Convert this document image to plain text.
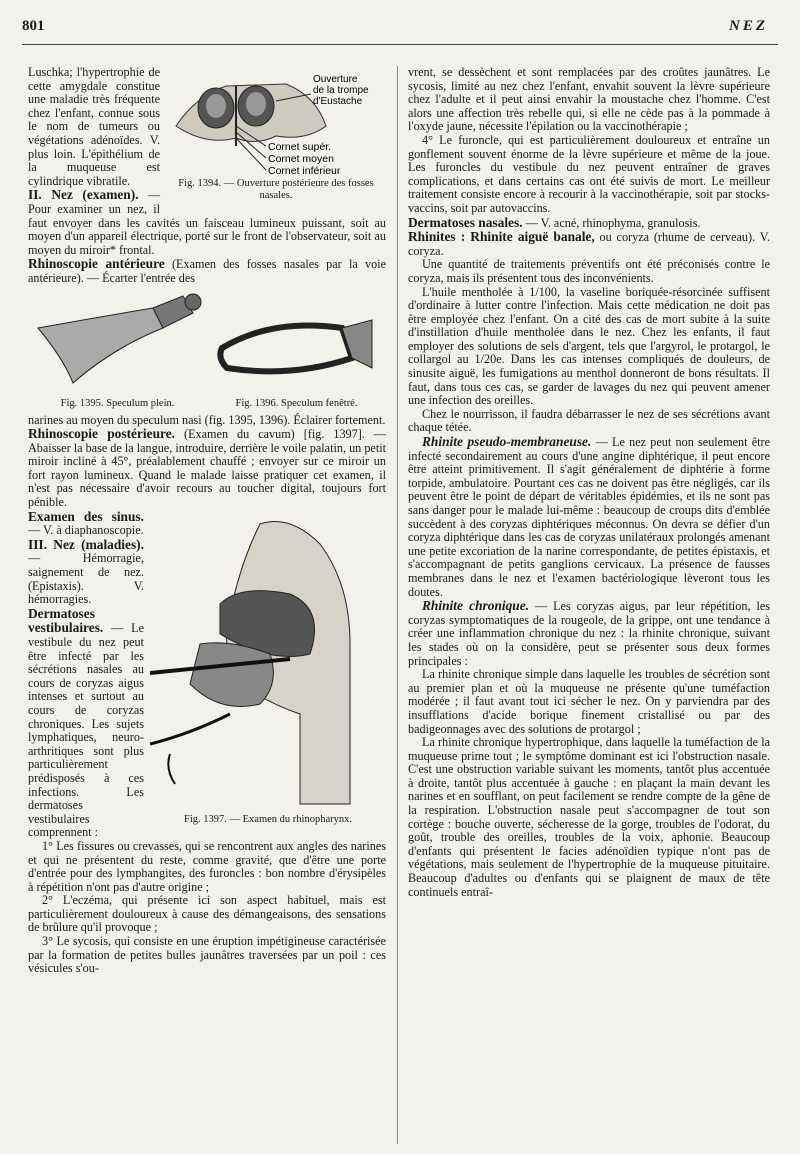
801	NEZ
Ouverture
de la trompe
d'Eustache
Cornet supér.
Cornet moyen
Cornet inférieur
Fig. 1394. — Ouverture postérieure des fosses nasales.

Luschka; l'hypertrophie de cette amygdale constitue une maladie très fréquente chez l'enfant, connue sous le nom de tumeurs ou végétations adénoïdes. V. plus loin. L'épithélium de la muqueuse est cylindrique vibratile.

II. Nez (examen). — Pour examiner un nez, il faut envoyer dans les cavités un faisceau lumineux puissant, soit au moyen d'un appareil électrique, porté sur le front de l'observateur, soit au moyen du miroir* frontal.

Rhinoscopie antérieure (Examen des fosses nasales par la voie antérieure). — Écarter l'entrée des

Fig. 1395. Speculum plein.	Fig. 1396. Speculum fenêtré.

narines au moyen du speculum nasi (fig. 1395, 1396). Éclairer fortement.

Rhinoscopie postérieure. (Examen du cavum) [fig. 1397]. — Abaisser la base de la langue, introduire, derrière le voile palatin, un petit miroir incliné à 45°, préalablement chauffé ; envoyer sur ce miroir un fort rayon lumineux. Quand le malade laisse pratiquer cet examen, il n'est pas nécessaire d'avoir recours au toucher digital, toujours fort pénible.

Fig. 1397. — Examen du rhinopharynx.

Examen des sinus. — V. à diaphanoscopie.

III. Nez (maladies). — Hémorragie, saignement de nez. (Epistaxis). V. hémorragies.

Dermatoses vestibulaires. — Le vestibule du nez peut être infecté par les sécrétions nasales au cours de coryzas aigus intenses et surtout au cours de coryzas chroniques. Les sujets lymphatiques, neuro-arthritiques sont plus particulièrement prédisposés à ces infections. Les dermatoses vestibulaires comprennent :

1° Les fissures ou crevasses, qui se rencontrent aux angles des narines et qui ne présentent du reste, comme gravité, que d'être une porte d'entrée pour des lymphangites, des furoncles : bon nombre d'érysipèles à répétition n'ont pas d'autre origine ;

2° L'eczéma, qui présente ici son aspect habituel, mais est particulièrement douloureux à cause des démangeaisons, des sensations de brûlure qu'il provoque ;

3° Le sycosis, qui consiste en une éruption impétigineuse caractérisée par la formation de petites bulles jaunâtres traversées par un poil : ces vésicules s'ou-

vrent, se dessèchent et sont remplacées par des croûtes jaunâtres. Le sycosis, limité au nez chez l'enfant, envahit souvent la lèvre supérieure chez l'adulte et il peut ainsi envahir la moustache chez l'homme. C'est alors une affection très rebelle qui, si elle ne cède pas à la pommade à l'oxyde jaune, nécessite l'épilation ou la vaccinothérapie ;

4° Le furoncle, qui est particulièrement douloureux et entraîne un gonflement souvent énorme de la lèvre supérieure et même de la joue. Les furoncles du vestibule du nez peuvent entraîner de graves complications, et dans certains cas ont été suivis de mort. Le meilleur traitement consiste encore à recourir à la vaccinothérapie, soit par stocks-vaccins, soit par autovaccins.

Dermatoses nasales. — V. acné, rhinophyma, granulosis.

Rhinites : Rhinite aiguë banale, ou coryza (rhume de cerveau). V. coryza.

Une quantité de traitements préventifs ont été préconisés contre le coryza, mais ils présentent tous des inconvénients.

L'huile mentholée à 1/100, la vaseline boriquée-résorcinée suffisent d'ordinaire à lutter contre l'infection. Mais cette médication ne doit pas être employée chez l'enfant. On a cité des cas de mort subite à la suite d'instillation d'huile mentholée dans le nez. Chez les enfants, il faut employer des solutions de sels d'argent, tels que l'argyrol, le protargol, le collargol au 1/20e. Dans les cas intenses compliqués de douleurs, de sinusite aiguë, les fumigations au menthol donneront de bons résultats. Il faut, dans tous ces cas, se garder de lavages du nez qui peuvent amener une infection des oreilles.

Chez le nourrisson, il faudra débarrasser le nez de ses sécrétions avant chaque tétée.

Rhinite pseudo-membraneuse. — Le nez peut non seulement être infecté secondairement au cours d'une angine diphtérique, il peut encore être atteint primitivement. Il s'agit généralement de diphtérie à forme torpide, ambulatoire. Pourtant ces cas ne doivent pas être négligés, car ils peuvent être le point de départ de véritables épidémies, et ils ne sont pas sans danger pour le malade lui-même : beaucoup de croups dits d'emblée succèdent à des coryzas diphtériques méconnus. On devra se défier d'un coryza diphtérique dans les cas de coryzas unilatéraux prolongés amenant une petite excoriation de la narine correspondante, de petites épistaxis, et s'accompagnant de petits ganglions cervicaux. La présence de fausses membranes dans le nez et l'examen bactériologique lèveront tous les doutes.

Rhinite chronique. — Les coryzas aigus, par leur répétition, les coryzas symptomatiques de la rougeole, de la grippe, ont une tendance à créer une inflammation chronique du nez : la rhinite chronique, suivant les stades où on la considère, peut se présenter sous deux formes principales :

La rhinite chronique simple dans laquelle les troubles de sécrétion sont au premier plan et où la muqueuse ne présente qu'une tuméfaction modérée ; il faut avant tout ici sécher le nez. On y parviendra par des insufflations d'acide borique finement cristallisé ou par des badigeonnages avec des solutions de protargol ;

La rhinite chronique hypertrophique, dans laquelle la tuméfaction de la muqueuse prime tout ; le symptôme dominant est ici l'obstruction nasale. C'est une obstruction variable suivant les moments, tantôt plus accentuée à droite, tantôt plus accentuée à gauche : en plaçant la main devant les narines et en soufflant, on peut facilement se rendre compte de la gêne de la respiration. L'obstruction nasale peut s'accompagner de tout son cortège : bouche ouverte, sécheresse de la gorge, troubles de l'odorat, du goût, trouble des oreilles, troubles de la voix, aphonie. Beaucoup d'enfants qui présentent le facies adénoïdien typique n'ont pas de végétations, mais seulement de l'hypertrophie de la muqueuse pituitaire. Beaucoup d'adultes ou d'enfants qui se plaignent de maux de tête continuels entraî-
